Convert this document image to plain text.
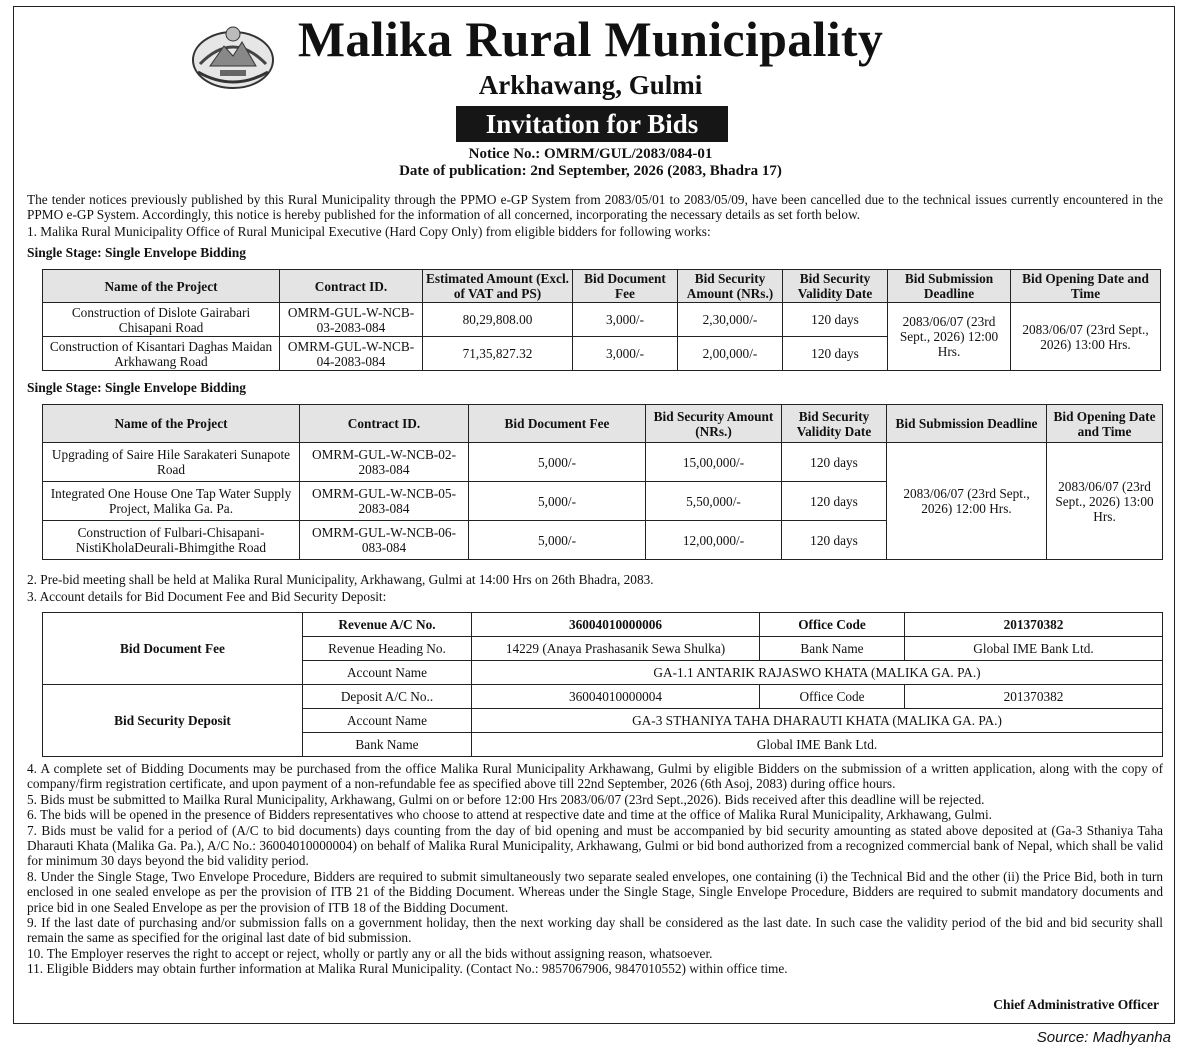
Malika Rural Municipality
Arkhawang, Gulmi
Invitation for Bids
Notice No.: OMRM/GUL/2083/084-01
Date of publication: 2nd September, 2026 (2083, Bhadra 17)
The tender notices previously published by this Rural Municipality through the PPMO e-GP System from 2083/05/01 to 2083/05/09, have been cancelled due to the technical issues currently encountered in the PPMO e-GP System. Accordingly, this notice is hereby published for the information of all concerned, incorporating the necessary details as set forth below.
1. Malika Rural Municipality Office of Rural Municipal Executive (Hard Copy Only) from eligible bidders for following works:
Single Stage: Single Envelope Bidding
Name of the Project	Contract ID.	Estimated Amount (Excl. of VAT and PS)	Bid Document Fee	Bid Security Amount (NRs.)	Bid Security Validity Date	Bid Submission Deadline	Bid Opening Date and Time
Construction of Dislote Gairabari Chisapani Road	OMRM-GUL-W-NCB-03-2083-084	80,29,808.00	3,000/-	2,30,000/-	120 days	2083/06/07 (23rd Sept., 2026) 12:00 Hrs.	2083/06/07 (23rd Sept., 2026) 13:00 Hrs.
Construction of Kisantari Daghas Maidan Arkhawang Road	OMRM-GUL-W-NCB-04-2083-084	71,35,827.32	3,000/-	2,00,000/-	120 days		
Single Stage: Single Envelope Bidding
Name of the Project	Contract ID.	Bid Document Fee	Bid Security Amount (NRs.)	Bid Security Validity Date	Bid Submission Deadline	Bid Opening Date and Time
Upgrading of Saire Hile Sarakateri Sunapote Road	OMRM-GUL-W-NCB-02-2083-084	5,000/-	15,00,000/-	120 days	2083/06/07 (23rd Sept., 2026) 12:00 Hrs.	2083/06/07 (23rd Sept., 2026) 13:00 Hrs.
Integrated One House One Tap Water Supply Project, Malika Ga. Pa.	OMRM-GUL-W-NCB-05-2083-084	5,000/-	5,50,000/-	120 days		
Construction of Fulbari-Chisapani-NistiKholaDeurali-Bhimgithe Road	OMRM-GUL-W-NCB-06-083-084	5,000/-	12,00,000/-	120 days		
2. Pre-bid meeting shall be held at Malika Rural Municipality, Arkhawang, Gulmi at 14:00 Hrs on 26th Bhadra, 2083.
3. Account details for Bid Document Fee and Bid Security Deposit:
Bid Document Fee	Revenue A/C No.	36004010000006	Office Code	201370382
	Revenue Heading No.	14229 (Anaya Prashasanik Sewa Shulka)	Bank Name	Global IME Bank Ltd.
	Account Name	GA-1.1 ANTARIK RAJASWO KHATA (MALIKA GA. PA.)		
Bid Security Deposit	Deposit A/C No..	36004010000004	Office Code	201370382
	Account Name	GA-3 STHANIYA TAHA DHARAUTI KHATA (MALIKA GA. PA.)		
	Bank Name	Global IME Bank Ltd.		
4. A complete set of Bidding Documents may be purchased from the office Malika Rural Municipality Arkhawang, Gulmi by eligible Bidders on the submission of a written application, along with the copy of company/firm registration certificate, and upon payment of a non-refundable fee as specified above till 22nd September, 2026 (6th Asoj, 2083) during office hours.
5. Bids must be submitted to Mailka Rural Municipality, Arkhawang, Gulmi on or before 12:00 Hrs 2083/06/07 (23rd Sept.,2026). Bids received after this deadline will be rejected.
6. The bids will be opened in the presence of Bidders representatives who choose to attend at respective date and time at the office of Malika Rural Municipality, Arkhawang, Gulmi.
7. Bids must be valid for a period of (A/C to bid documents) days counting from the day of bid opening and must be accompanied by bid security amounting as stated above deposited at (Ga-3 Sthaniya Taha Dharauti Khata (Malika Ga. Pa.), A/C No.: 36004010000004) on behalf of Malika Rural Municipality, Arkhawang, Gulmi or bid bond authorized from a recognized commercial bank of Nepal, which shall be valid for minimum 30 days beyond the bid validity period.
8. Under the Single Stage, Two Envelope Procedure, Bidders are required to submit simultaneously two separate sealed envelopes, one containing (i) the Technical Bid and the other (ii) the Price Bid, both in turn enclosed in one sealed envelope as per the provision of ITB 21 of the Bidding Document. Whereas under the Single Stage, Single Envelope Procedure, Bidders are required to submit mandatory documents and price bid in one Sealed Envelope as per the provision of ITB 18 of the Bidding Document.
9. If the last date of purchasing and/or submission falls on a government holiday, then the next working day shall be considered as the last date. In such case the validity period of the bid and bid security shall remain the same as specified for the original last date of bid submission.
10. The Employer reserves the right to accept or reject, wholly or partly any or all the bids without assigning reason, whatsoever.
11. Eligible Bidders may obtain further information at Malika Rural Municipality. (Contact No.: 9857067906, 9847010552) within office time.
Chief Administrative Officer
Source: Madhyanha
